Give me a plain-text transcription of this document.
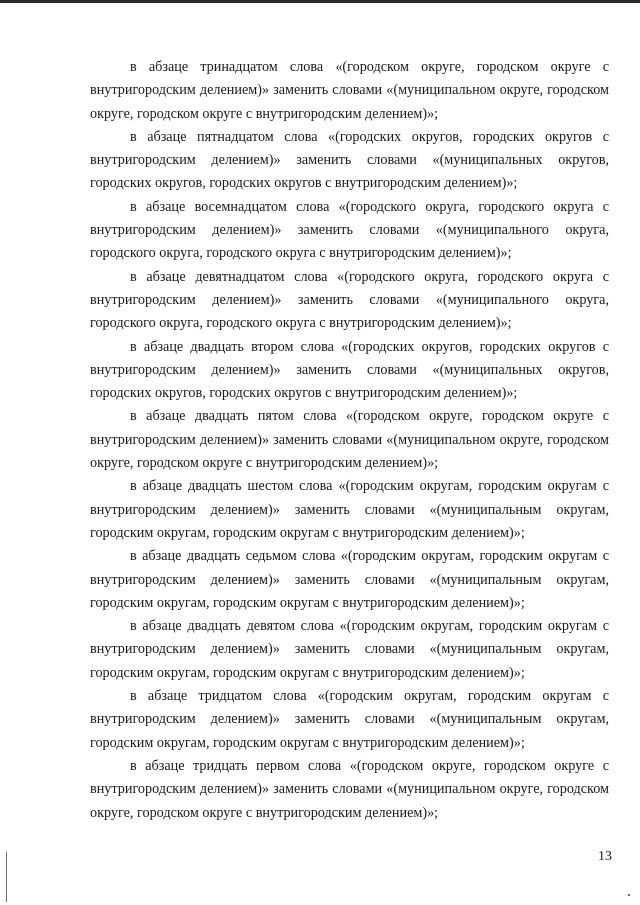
в абзаце тринадцатом слова «(городском округе, городском округе с внутригородским делением)» заменить словами «(муниципальном округе, городском округе, городском округе с внутригородским делением)»;

в абзаце пятнадцатом слова «(городских округов, городских округов с внутригородским делением)» заменить словами «(муниципальных округов, городских округов, городских округов с внутригородским делением)»;

в абзаце восемнадцатом слова «(городского округа, городского округа с внутригородским делением)» заменить словами «(муниципального округа, городского округа, городского округа с внутригородским делением)»;

в абзаце девятнадцатом слова «(городского округа, городского округа с внутригородским делением)» заменить словами «(муниципального округа, городского округа, городского округа с внутригородским делением)»;

в абзаце двадцать втором слова «(городских округов, городских округов с внутригородским делением)» заменить словами «(муниципальных округов, городских округов, городских округов с внутригородским делением)»;

в абзаце двадцать пятом слова «(городском округе, городском округе с внутригородским делением)» заменить словами «(муниципальном округе, городском округе, городском округе с внутригородским делением)»;

в абзаце двадцать шестом слова «(городским округам, городским округам с внутригородским делением)» заменить словами «(муниципальным округам, городским округам, городским округам с внутригородским делением)»;

в абзаце двадцать седьмом слова «(городским округам, городским округам с внутригородским делением)» заменить словами «(муниципальным округам, городским округам, городским округам с внутригородским делением)»;

в абзаце двадцать девятом слова «(городским округам, городским округам с внутригородским делением)» заменить словами «(муниципальным округам, городским округам, городским округам с внутригородским делением)»;

в абзаце тридцатом слова «(городским округам, городским округам с внутригородским делением)» заменить словами «(муниципальным округам, городским округам, городским округам с внутригородским делением)»;

в абзаце тридцать первом слова «(городском округе, городском округе с внутригородским делением)» заменить словами «(муниципальном округе, городском округе, городском округе с внутригородским делением)»;

13
